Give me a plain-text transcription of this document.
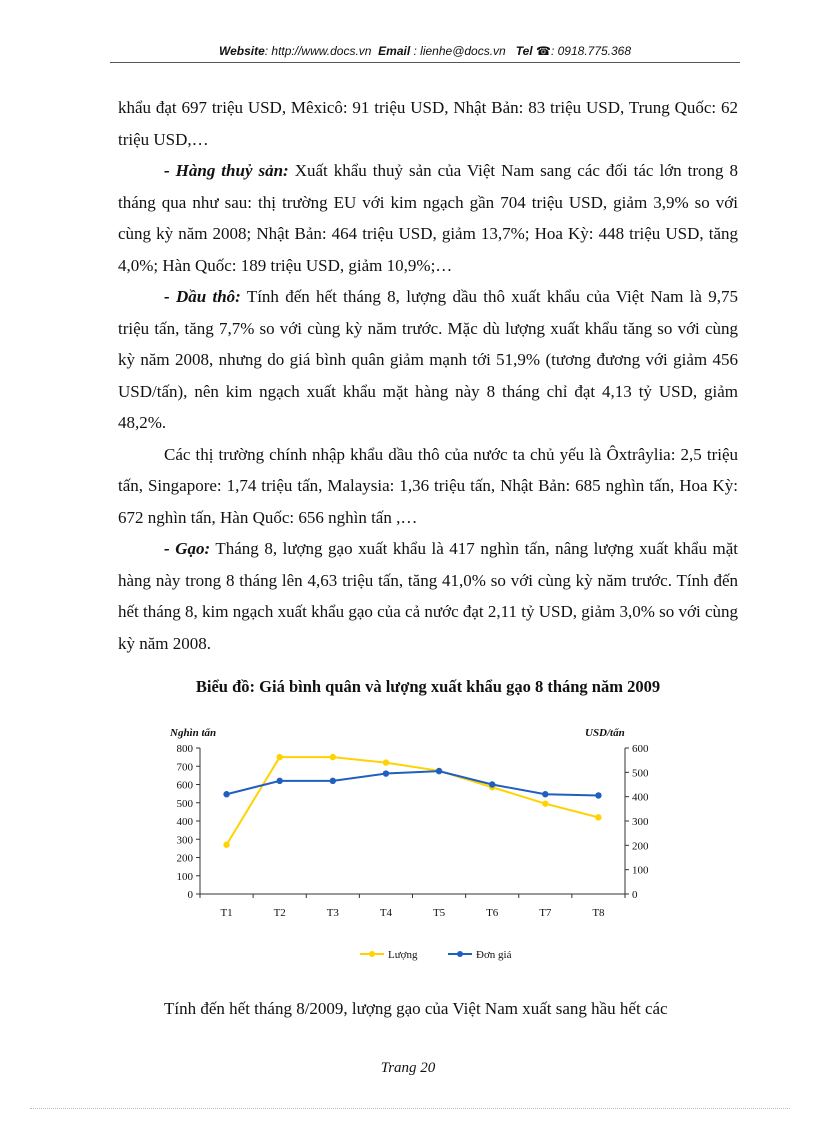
Website: http://www.docs.vn Email : lienhe@docs.vn Tel ☎: 0918.775.368

khẩu đạt 697 triệu USD, Mêxicô: 91 triệu USD, Nhật Bản: 83 triệu USD, Trung Quốc: 62 triệu USD,…

- Hàng thuỷ sản: Xuất khẩu thuỷ sản của Việt Nam sang các đối tác lớn trong 8 tháng qua như sau: thị trường EU với kim ngạch gần 704 triệu USD, giảm 3,9% so với cùng kỳ năm 2008; Nhật Bản: 464 triệu USD, giảm 13,7%; Hoa Kỳ: 448 triệu USD, tăng 4,0%; Hàn Quốc: 189 triệu USD, giảm 10,9%;…

- Dầu thô: Tính đến hết tháng 8, lượng dầu thô xuất khẩu của Việt Nam là 9,75 triệu tấn, tăng 7,7% so với cùng kỳ năm trước. Mặc dù lượng xuất khẩu tăng so với cùng kỳ năm 2008, nhưng do giá bình quân giảm mạnh tới 51,9% (tương đương với giảm 456 USD/tấn), nên kim ngạch xuất khẩu mặt hàng này 8 tháng chỉ đạt 4,13 tỷ USD, giảm 48,2%.

Các thị trường chính nhập khẩu dầu thô của nước ta chủ yếu là Ôxtrâylia: 2,5 triệu tấn, Singapore: 1,74 triệu tấn, Malaysia: 1,36 triệu tấn, Nhật Bản: 685 nghìn tấn, Hoa Kỳ: 672 nghìn tấn, Hàn Quốc: 656 nghìn tấn ,…

- Gạo: Tháng 8, lượng gạo xuất khẩu là 417 nghìn tấn, nâng lượng xuất khẩu mặt hàng này trong 8 tháng lên 4,63 triệu tấn, tăng 41,0% so với cùng kỳ năm trước. Tính đến hết tháng 8, kim ngạch xuất khẩu gạo của cả nước đạt 2,11 tỷ USD, giảm 3,0% so với cùng kỳ năm 2008.

Biểu đồ: Giá bình quân và lượng xuất khẩu gạo 8 tháng năm 2009
0
100
200
300
400
500
600
700
800
0
100
200
300
400
500
600
T1	T2	T3	T4	T5	T6	T7	T8
Nghìn tấn	USD/tấn
Lượng	Đơn giá

Tính đến hết tháng 8/2009, lượng gạo của Việt Nam xuất sang hầu hết các

Trang 20
